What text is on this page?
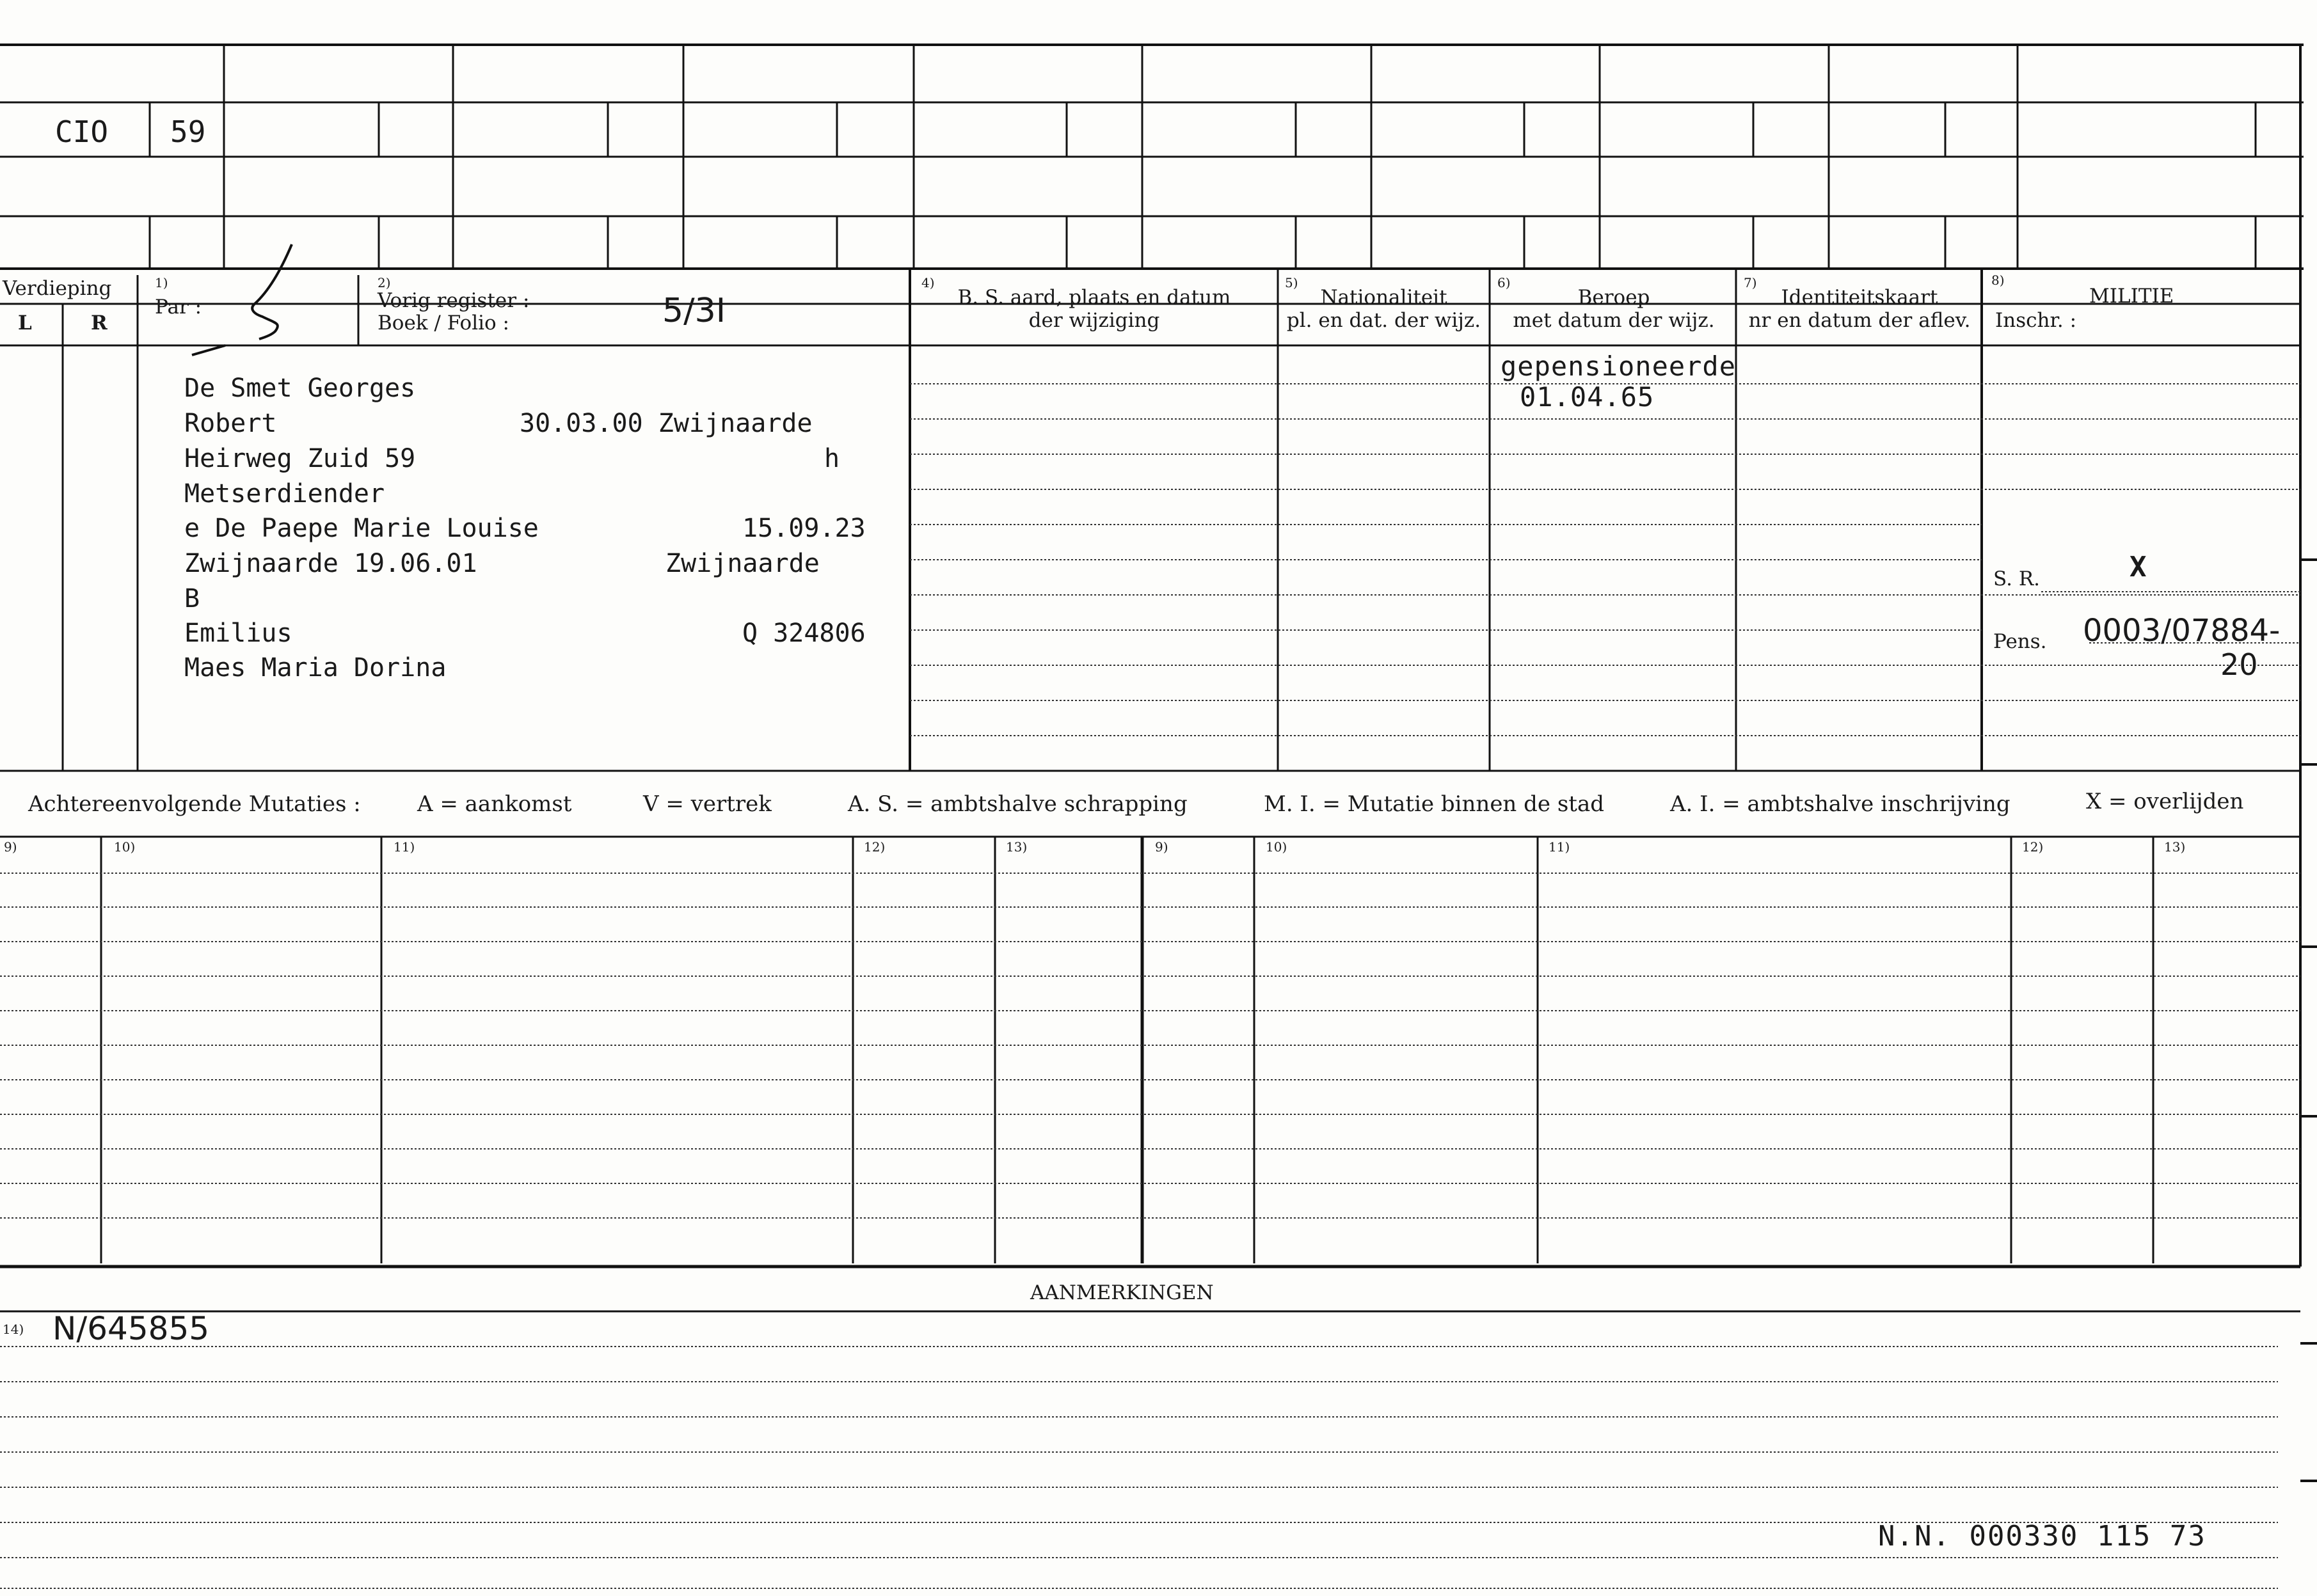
CIO 59
Verdieping
L	R
1)
Par :
2)
Vorig register :
Boek / Folio :	5/3I
4)
B. S. aard, plaats en datum
der wijziging
5)
Nationaliteit
pl. en dat. der wijz.
6)
Beroep
met datum der wijz.
7)
Identiteitskaart
nr en datum der aflev.
8)
MILITIE
Inschr. :
De Smet Georges
Robert	30.03.00 Zwijnaarde
Heirweg Zuid 59	h
Metserdiender
e De Paepe Marie Louise	15.09.23
Zwijnaarde 19.06.01	Zwijnaarde
B
Emilius	Q 324806
Maes Maria Dorina
gepensioneerde
01.04.65
S. R.	X
Pens. 0003/07884-
20
Achtereenvolgende Mutaties :	A = aankomst	V = vertrek	A. S. = ambtshalve schrapping	M. I. = Mutatie binnen de stad	A. I. = ambtshalve inschrijving	X = overlijden
9)	10)	11)	12)	13)	9)	10)	11)	12)	13)
AANMERKINGEN
14) N/645855
N.N. 000330 115 73
